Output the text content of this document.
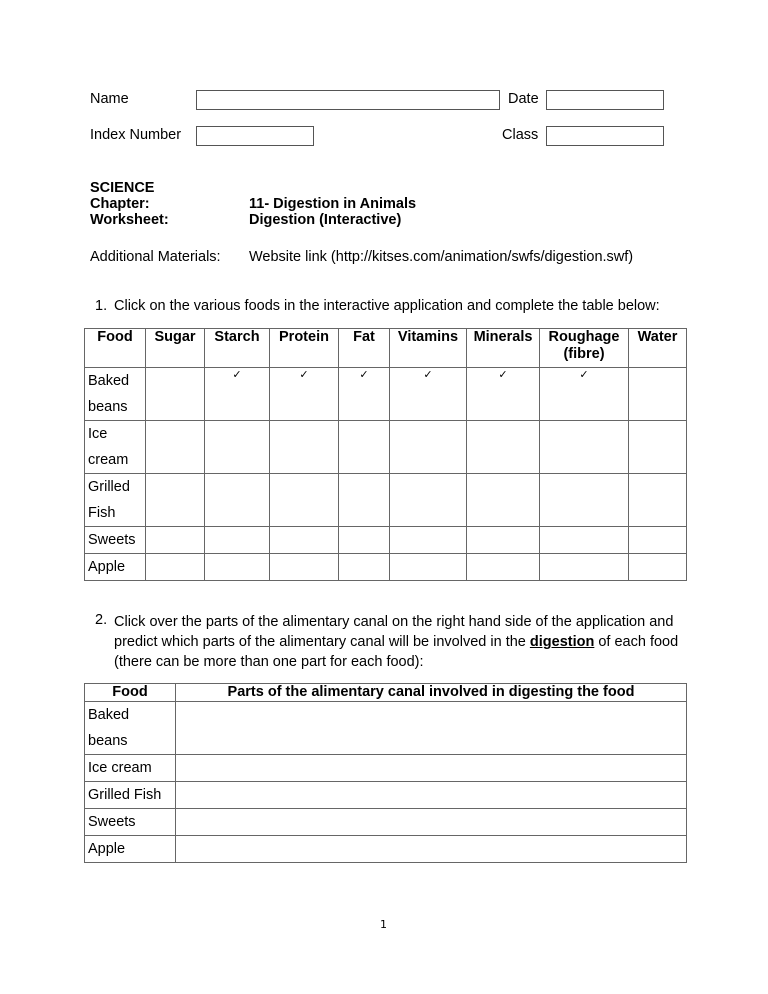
Name	Date
Index Number	Class
SCIENCE
Chapter:	11- Digestion in Animals
Worksheet:	Digestion (Interactive)
Additional Materials: Website link (http://kitses.com/animation/swfs/digestion.swf)
1. Click on the various foods in the interactive application and complete the table below:
Food	Sugar	Starch	Protein	Fat	Vitamins	Minerals	Roughage (fibre)	Water
Baked beans		✓	✓	✓	✓	✓	✓	
Ice cream								
Grilled Fish								
Sweets								
Apple								
2. Click over the parts of the alimentary canal on the right hand side of the application and predict which parts of the alimentary canal will be involved in the digestion of each food (there can be more than one part for each food):
Food	Parts of the alimentary canal involved in digesting the food
Baked beans	
Ice cream	
Grilled Fish	
Sweets	
Apple	
1
